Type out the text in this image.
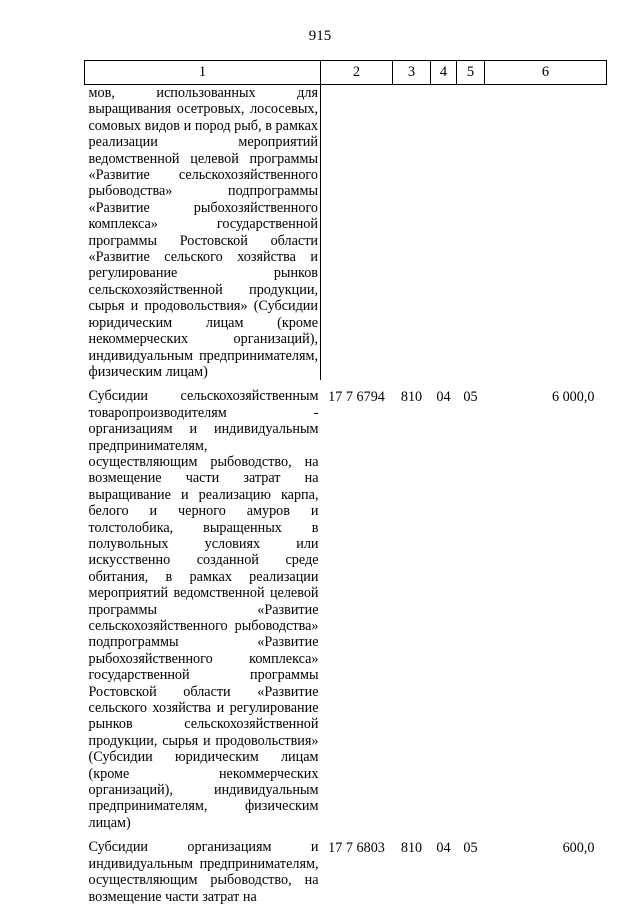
915
1	2	3	4	5	6

мов, использованных для выращивания осетровых, лососевых, сомовых видов и пород рыб, в рамках реализации мероприятий ведомственной целевой программы «Развитие сельскохозяйственного рыбоводства» подпрограммы «Развитие рыбохозяйственного комплекса» государственной программы Ростовской области «Развитие сельского хозяйства и регулирование рынков сельскохозяйственной продукции, сырья и продовольствия» (Субсидии юридическим лицам (кроме некоммерческих организаций), индивидуальным предпринимателям, физическим лицам)					

Субсидии сельскохозяйственным товаропроизводителям - организациям и индивидуальным предпринимателям, осуществляющим рыбоводство, на возмещение части затрат на выращивание и реализацию карпа, белого и черного амуров и толстолобика, выращенных в полувольных условиях или искусственно созданной среде обитания, в рамках реализации мероприятий ведомственной целевой программы «Развитие сельскохозяйственного рыбоводства» подпрограммы «Развитие рыбохозяйственного комплекса» государственной программы Ростовской области «Развитие сельского хозяйства и регулирование рынков сельскохозяйственной продукции, сырья и продовольствия» (Субсидии юридическим лицам (кроме некоммерческих организаций), индивидуальным предпринимателям, физическим лицам)	17 7 6794	810	04	05	6 000,0

Субсидии организациям и индивидуальным предпринимателям, осуществляющим рыбоводство, на возмещение части затрат на	17 7 6803	810	04	05	600,0
